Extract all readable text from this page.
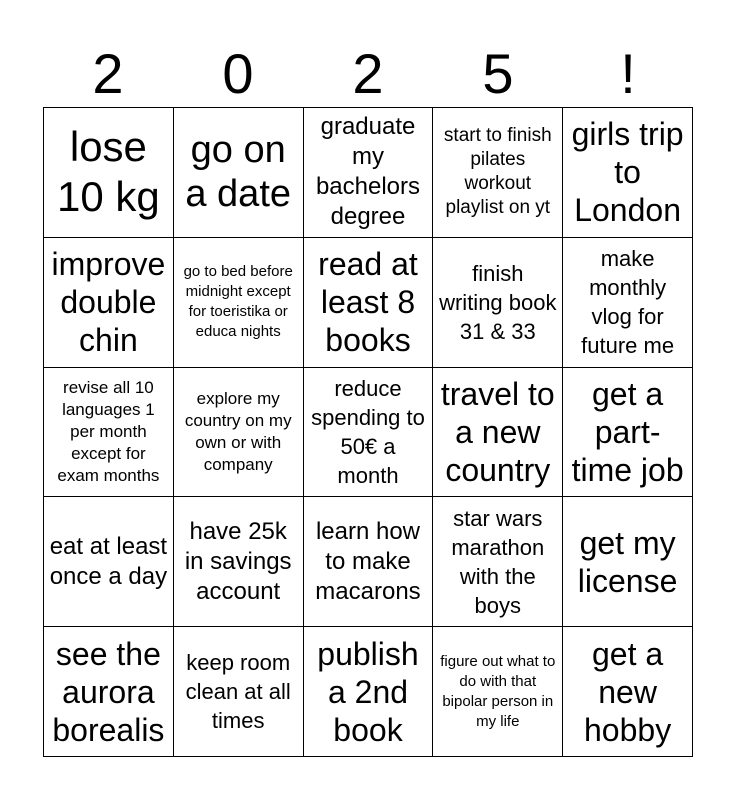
2	0	2	5	!
lose 10 kg
go on a date
graduate my bachelors degree
start to finish pilates workout playlist on yt
girls trip to London
improve double chin
go to bed before midnight except for toeristika or educa nights
read at least 8 books
finish writing book 31 & 33
make monthly vlog for future me
revise all 10 languages 1 per month except for exam months
explore my country on my own or with company
reduce spending to 50€ a month
travel to a new country
get a part-time job
eat at least once a day
have 25k in savings account
learn how to make macarons
star wars marathon with the boys
get my license
see the aurora borealis
keep room clean at all times
publish a 2nd book
figure out what to do with that bipolar person in my life
get a new hobby
